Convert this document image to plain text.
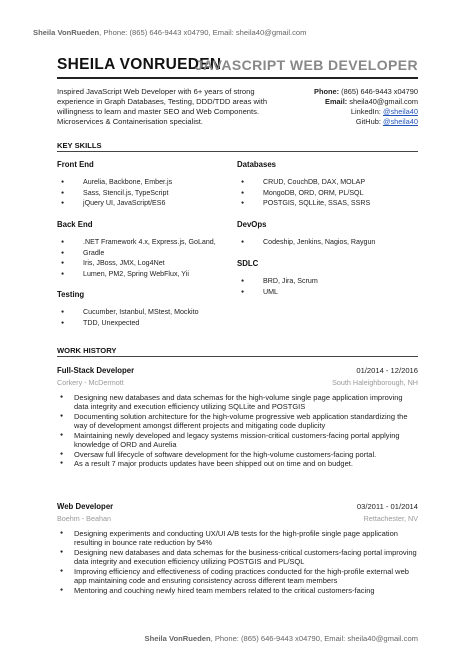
Sheila VonRueden, Phone: (865) 646-9443 x04790, Email: sheila40@gmail.com
SHEILA VONRUEDEN
JAVASCRIPT WEB DEVELOPER
Inspired JavaScript Web Developer with 6+ years of strong experience in Graph Databases, Testing, DDD/TDD areas with willingness to learn and master SEO and Web Components. Microservices & Containerisation specialist.
Phone: (865) 646-9443 x04790
Email: sheila40@gmail.com
LinkedIn: @sheila40
GitHub: @sheila40
KEY SKILLS
Front End
● Aurelia, Backbone, Ember.js
● Sass, Stencil.js, TypeScript
● jQuery UI, JavaScript/ES6
Back End
● .NET Framework 4.x, Express.js, GoLand,
● Gradle
● Iris, JBoss, JMX, Log4Net
● Lumen, PM2, Spring WebFlux, Yii
Testing
● Cucumber, Istanbul, MStest, Mockito
● TDD, Unexpected
Databases
● CRUD, CouchDB, DAX, MOLAP
● MongoDB, ORD, ORM, PL/SQL
● POSTGIS, SQLLite, SSAS, SSRS
DevOps
● Codeship, Jenkins, Nagios, Raygun
SDLC
● BRD, Jira, Scrum
● UML
WORK HISTORY
Full-Stack Developer	01/2014 - 12/2016
Corkery - McDermott	South Haleighborough, NH
● Designing new databases and data schemas for the high-volume single page application improving data integrity and execution efficiency utilizing SQLLite and POSTGIS
● Documenting solution architecture for the high-volume progressive web application standardizing the way of development amongst different projects and mitigating code duplicity
● Maintaining newly developed and legacy systems mission-critical customers-facing portal applying knowledge of ORD and Aurelia
● Oversaw full lifecycle of software development for the high-volume customers-facing portal.
● As a result 7 major products updates have been shipped out on time and on budget.
Web Developer	03/2011 - 01/2014
Boehm - Beahan	Rettachester, NV
● Designing experiments and conducting UX/UI A/B tests for the high-profile single page application resulting in bounce rate reduction by 54%
● Designing new databases and data schemas for the business-critical customers-facing portal improving data integrity and execution efficiency utilizing POSTGIS and PL/SQL
● Improving efficiency and effectiveness of coding practices conducted for the high-profile external web app maintaining code and ensuring consistency across different team members
● Mentoring and couching newly hired team members related to the critical customers-facing
Sheila VonRueden, Phone: (865) 646-9443 x04790, Email: sheila40@gmail.com
